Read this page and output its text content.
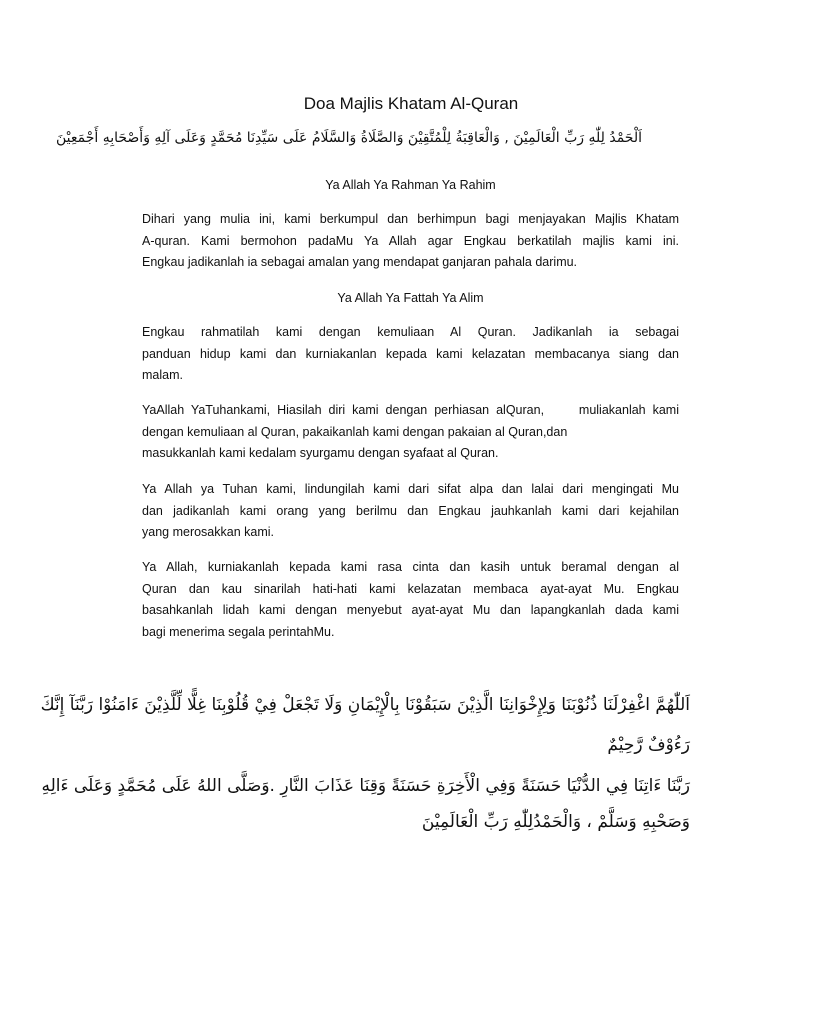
Doa Majlis Khatam Al-Quran
اَلْحَمْدُ لِلّٰهِ رَبِّ الْعَالَمِيْنَ , وَالْعَاقِبَةُ لِلْمُتَّقِيْنَ وَالصَّلَاةُ وَالسَّلَامُ عَلَى سَيِّدِنَا مُحَمَّدٍ وَعَلَى آلِهِ وَأَصْحَابِهِ أَجْمَعِيْنَ
Ya Allah Ya Rahman Ya Rahim
Dihari yang mulia ini, kami berkumpul dan berhimpun bagi menjayakan Majlis Khatam
A-quran. Kami bermohon padaMu Ya Allah agar Engkau berkatilah majlis kami ini.
Engkau jadikanlah ia sebagai amalan yang mendapat ganjaran pahala darimu.
Ya Allah Ya Fattah Ya Alim
Engkau rahmatilah kami dengan kemuliaan Al Quran. Jadikanlah ia sebagai
panduan hidup kami dan kurniakanlan kepada kami kelazatan membacanya siang dan
malam.
YaAllah YaTuhankami, Hiasilah diri kami dengan perhiasan alQuran,     muliakanlah kami
dengan kemuliaan al Quran, pakaikanlah kami dengan pakaian al Quran,dan
masukkanlah kami kedalam syurgamu dengan syafaat al Quran.
Ya Allah ya Tuhan kami, lindungilah kami dari sifat alpa dan lalai dari mengingati Mu
dan jadikanlah kami orang yang berilmu dan Engkau jauhkanlah kami dari kejahilan
yang merosakkan kami.
Ya Allah, kurniakanlah kepada kami rasa cinta dan kasih untuk beramal dengan al
Quran dan kau sinarilah hati-hati kami kelazatan membaca ayat-ayat Mu. Engkau
basahkanlah lidah kami dengan menyebut ayat-ayat Mu dan lapangkanlah dada kami
bagi menerima segala perintahMu.
اَللّٰهُمَّ اغْفِرْلَنَا ذُنُوْبَنَا وَلِإِخْوَانِنَا الَّذِيْنَ سَبَقُوْنَا بِالْإِيْمَانِ وَلَا تَجْعَلْ فِيْ قُلُوْبِنَا غِلًّا لِّلَّذِيْنَ ءَامَنُوْا رَبَّنَآ إِنَّكَ
رَءُوْفٌ رَّحِيْمٌ
رَبَّنَا ءَاتِنَا فِي الدُّنْيَا حَسَنَةً وَفِي الْأَخِرَةِ حَسَنَةً وَقِنَا عَذَابَ النَّارِ .وَصَلَّى اللهُ عَلَى مُحَمَّدٍ وَعَلَى ءَالِهِ
وَصَحْبِهِ وَسَلَّمْ ، وَالْحَمْدُلِلّٰهِ رَبِّ الْعَالَمِيْنَ
